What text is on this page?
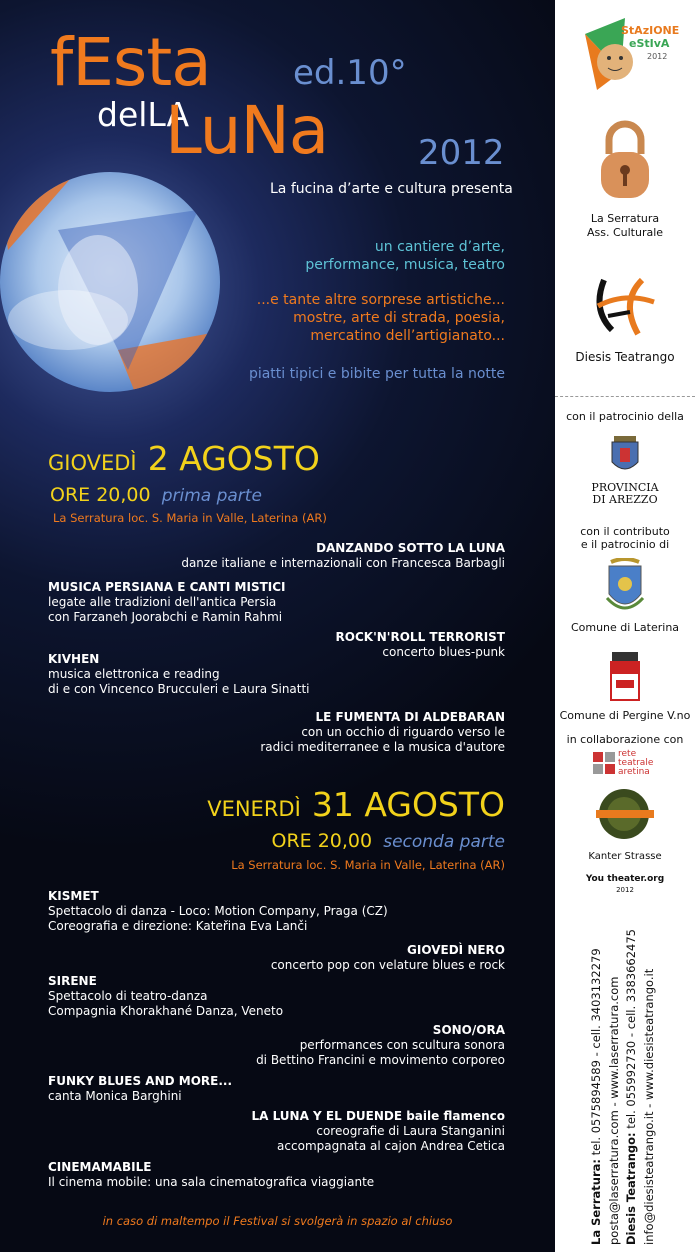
fEsta
delLA
LuNa
ed.10°
2012
La fucina d’arte e cultura presenta
un cantiere d’arte,
performance, musica, teatro
...e tante altre sorprese artistiche...
mostre, arte di strada, poesia,
mercatino dell’artigianato...
piatti tipici e bibite per tutta la notte
GIOVEDÌ 2 AGOSTO
ORE 20,00 prima parte
La Serratura loc. S. Maria in Valle, Laterina (AR)
DANZANDO SOTTO LA LUNA
danze italiane e internazionali con Francesca Barbagli
MUSICA PERSIANA E CANTI MISTICI
legate alle tradizioni dell'antica Persia
con Farzaneh Joorabchi e Ramin Rahmi
ROCK'N'ROLL TERRORIST
concerto blues-punk
KIVHEN
musica elettronica e reading
di e con Vincenco Brucculeri e Laura Sinatti
LE FUMENTA DI ALDEBARAN
con un occhio di riguardo verso le
radici mediterranee e la musica d'autore
VENERDÌ 31 AGOSTO
ORE 20,00 seconda parte
La Serratura loc. S. Maria in Valle, Laterina (AR)
KISMET
Spettacolo di danza - Loco: Motion Company, Praga (CZ)
Coreografia e direzione: Kateřina Eva Lanči
GIOVEDÌ NERO
concerto pop con velature blues e rock
SIRENE
Spettacolo di teatro-danza
Compagnia Khorakhané Danza, Veneto
SONO/ORA
performances con scultura sonora
di Bettino Francini e movimento corporeo
FUNKY BLUES AND MORE...
canta Monica Barghini
LA LUNA Y EL DUENDE baile flamenco
coreografie di Laura Stanganini
accompagnata al cajon Andrea Cetica
CINEMAMABILE
Il cinema mobile: una sala cinematografica viaggiante
in caso di maltempo il Festival si svolgerà in spazio al chiuso
StAzIONE
eStIvA
2012
La Serratura
Ass. Culturale
Diesis Teatrango
con il patrocinio della
PROVINCIA
DI AREZZO
con il contributo
e il patrocinio di
Comune di Laterina
Comune di Pergine V.no
in collaborazione con
rete
teatrale
aretina
Kanter Strasse
You theater.org
2012
La Serratura: tel. 0575894589 - cell. 3403132279 posta@laserratura.com - www.laserratura.com Diesis Teatrango: tel. 055992730 - cell. 3383662475 info@diesisteatrango.it - www.diesisteatrango.it
